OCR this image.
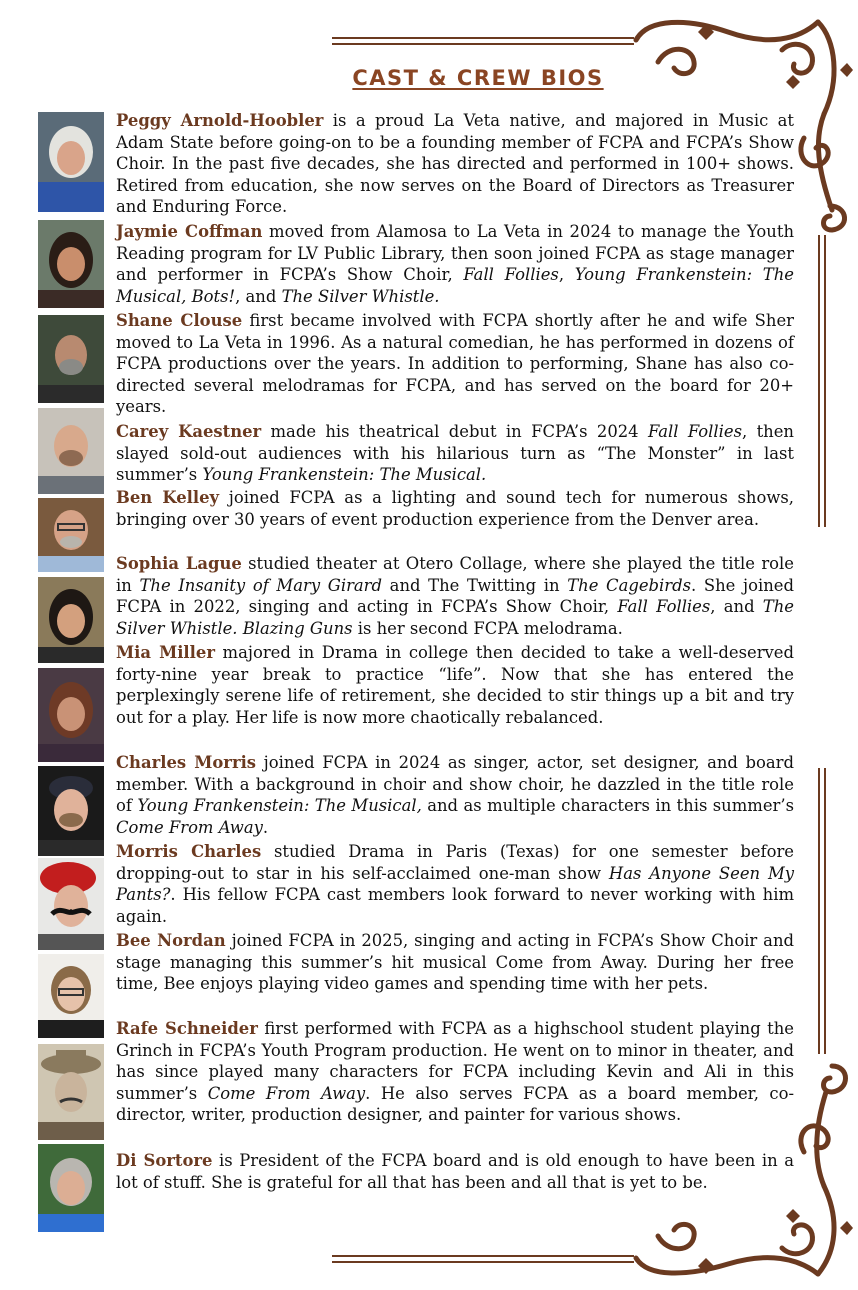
CAST & CREW BIOS
Peggy Arnold-Hoobler is a proud La Veta native, and majored in Music at Adam State before going-on to be a founding member of FCPA and FCPA’s Show Choir. In the past five decades, she has directed and performed in 100+ shows. Retired from education, she now serves on the Board of Directors as Treasurer and Enduring Force.
Jaymie Coffman moved from Alamosa to La Veta in 2024 to manage the Youth Reading program for LV Public Library, then soon joined FCPA as stage manager and performer in FCPA’s Show Choir, Fall Follies, Young Frankenstein: The Musical, Bots!, and The Silver Whistle.
Shane Clouse first became involved with FCPA shortly after he and wife Sher moved to La Veta in 1996. As a natural comedian, he has performed in dozens of FCPA productions over the years. In addition to performing, Shane has also co-directed several melodramas for FCPA, and has served on the board for 20+ years.
Carey Kaestner made his theatrical debut in FCPA’s 2024 Fall Follies, then slayed sold-out audiences with his hilarious turn as “The Monster” in last summer’s Young Frankenstein: The Musical.
Ben Kelley joined FCPA as a lighting and sound tech for numerous shows, bringing over 30 years of event production experience from the Denver area.
Sophia Lague studied theater at Otero Collage, where she played the title role in The Insanity of Mary Girard and The Twitting in The Cagebirds. She joined FCPA in 2022, singing and acting in FCPA’s Show Choir, Fall Follies, and The Silver Whistle. Blazing Guns is her second FCPA melodrama.
Mia Miller majored in Drama in college then decided to take a well-deserved forty-nine year break to practice “life”. Now that she has entered the perplexingly serene life of retirement, she decided to stir things up a bit and try out for a play. Her life is now more chaotically rebalanced.
Charles Morris joined FCPA in 2024 as singer, actor, set designer, and board member. With a background in choir and show choir, he dazzled in the title role of Young Frankenstein: The Musical, and as multiple characters in this summer’s Come From Away.
Morris Charles studied Drama in Paris (Texas) for one semester before dropping-out to star in his self-acclaimed one-man show Has Anyone Seen My Pants?. His fellow FCPA cast members look forward to never working with him again.
Bee Nordan joined FCPA in 2025, singing and acting in FCPA’s Show Choir and stage managing this summer’s hit musical Come from Away. During her free time, Bee enjoys playing video games and spending time with her pets.
Rafe Schneider first performed with FCPA as a highschool student playing the Grinch in FCPA’s Youth Program production. He went on to minor in theater, and has since played many characters for FCPA including Kevin and Ali in this summer’s Come From Away. He also serves FCPA as a board member, co-director, writer, production designer, and painter for various shows.
Di Sortore is President of the FCPA board and is old enough to have been in a lot of stuff. She is grateful for all that has been and all that is yet to be.
